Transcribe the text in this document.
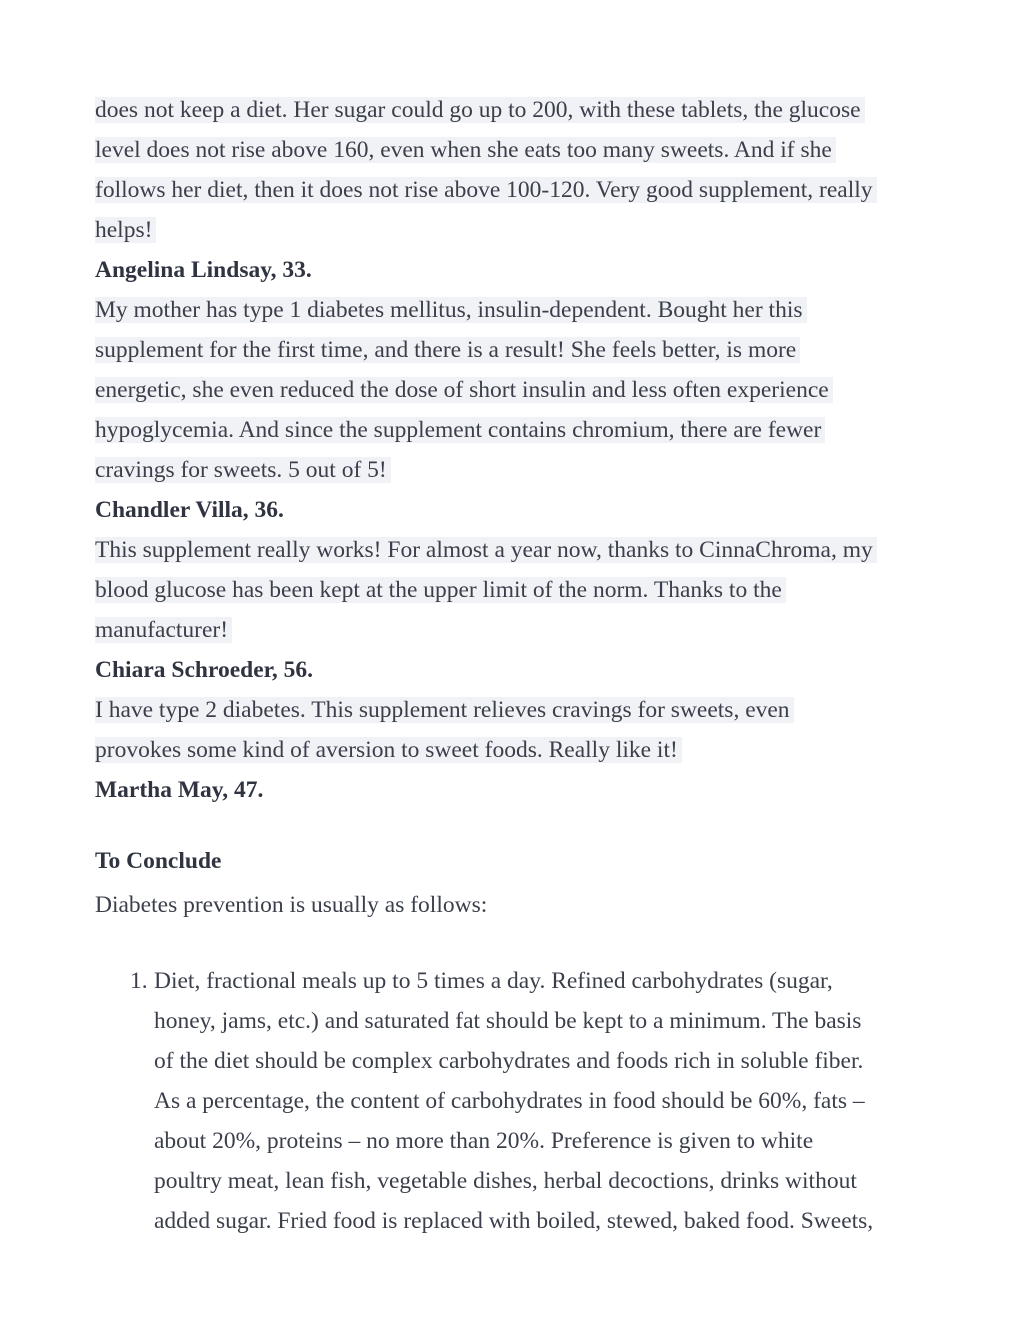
does not keep a diet. Her sugar could go up to 200, with these tablets, the glucose
level does not rise above 160, even when she eats too many sweets. And if she
follows her diet, then it does not rise above 100-120. Very good supplement, really
helps!
Angelina Lindsay, 33.
My mother has type 1 diabetes mellitus, insulin-dependent. Bought her this
supplement for the first time, and there is a result! She feels better, is more
energetic, she even reduced the dose of short insulin and less often experience
hypoglycemia. And since the supplement contains chromium, there are fewer
cravings for sweets. 5 out of 5!
Chandler Villa, 36.
This supplement really works! For almost a year now, thanks to CinnaChroma, my
blood glucose has been kept at the upper limit of the norm. Thanks to the
manufacturer!
Chiara Schroeder, 56.
I have type 2 diabetes. This supplement relieves cravings for sweets, even
provokes some kind of aversion to sweet foods. Really like it!
Martha May, 47.
To Conclude
Diabetes prevention is usually as follows:
1. Diet, fractional meals up to 5 times a day. Refined carbohydrates (sugar,
honey, jams, etc.) and saturated fat should be kept to a minimum. The basis
of the diet should be complex carbohydrates and foods rich in soluble fiber.
As a percentage, the content of carbohydrates in food should be 60%, fats –
about 20%, proteins – no more than 20%. Preference is given to white
poultry meat, lean fish, vegetable dishes, herbal decoctions, drinks without
added sugar. Fried food is replaced with boiled, stewed, baked food. Sweets,
